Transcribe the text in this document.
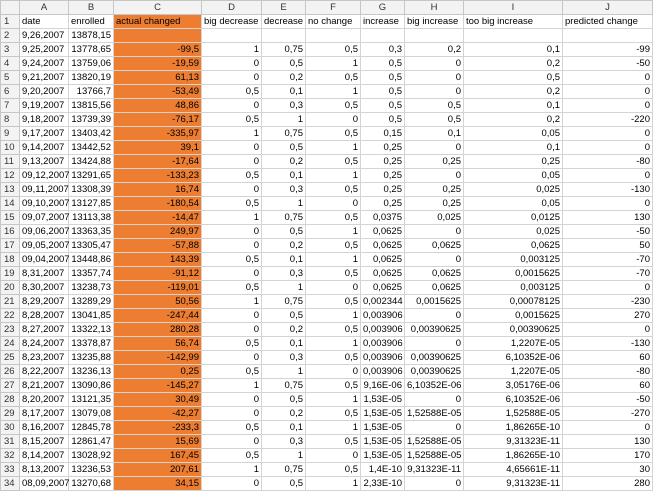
	A	B	C	D	E	F	G	H	I	J
1	date	enrolled	actual changed	big decrease	decrease	no change	increase	big increase	too big increase	predicted change
2	9,26,2007	13878,15								
3	9,25,2007	13778,65	-99,5	1	0,75	0,5	0,3	0,2	0,1	-99
4	9,24,2007	13759,06	-19,59	0	0,5	1	0,5	0	0,2	-50
5	9,21,2007	13820,19	61,13	0	0,2	0,5	0,5	0	0,5	0
6	9,20,2007	13766,7	-53,49	0,5	0,1	1	0,5	0	0,2	0
7	9,19,2007	13815,56	48,86	0	0,3	0,5	0,5	0,5	0,1	0
8	9,18,2007	13739,39	-76,17	0,5	1	0	0,5	0,5	0,2	-220
9	9,17,2007	13403,42	-335,97	1	0,75	0,5	0,15	0,1	0,05	0
10	9,14,2007	13442,52	39,1	0	0,5	1	0,25	0	0,1	0
11	9,13,2007	13424,88	-17,64	0	0,2	0,5	0,25	0,25	0,25	-80
12	09,12,2007	13291,65	-133,23	0,5	0,1	1	0,25	0	0,05	0
13	09,11,2007	13308,39	16,74	0	0,3	0,5	0,25	0,25	0,025	-130
14	09,10,2007	13127,85	-180,54	0,5	1	0	0,25	0,25	0,05	0
15	09,07,2007	13113,38	-14,47	1	0,75	0,5	0,0375	0,025	0,0125	130
16	09,06,2007	13363,35	249,97	0	0,5	1	0,0625	0	0,025	-50
17	09,05,2007	13305,47	-57,88	0	0,2	0,5	0,0625	0,0625	0,0625	50
18	09,04,2007	13448,86	143,39	0,5	0,1	1	0,0625	0	0,003125	-70
19	8,31,2007	13357,74	-91,12	0	0,3	0,5	0,0625	0,0625	0,0015625	-70
20	8,30,2007	13238,73	-119,01	0,5	1	0	0,0625	0,0625	0,003125	0
21	8,29,2007	13289,29	50,56	1	0,75	0,5	0,002344	0,0015625	0,00078125	-230
22	8,28,2007	13041,85	-247,44	0	0,5	1	0,003906	0	0,0015625	270
23	8,27,2007	13322,13	280,28	0	0,2	0,5	0,003906	0,00390625	0,00390625	0
24	8,24,2007	13378,87	56,74	0,5	0,1	1	0,003906	0	1,2207E-05	-130
25	8,23,2007	13235,88	-142,99	0	0,3	0,5	0,003906	0,00390625	6,10352E-06	60
26	8,22,2007	13236,13	0,25	0,5	1	0	0,003906	0,00390625	1,2207E-05	-80
27	8,21,2007	13090,86	-145,27	1	0,75	0,5	9,16E-06	6,10352E-06	3,05176E-06	60
28	8,20,2007	13121,35	30,49	0	0,5	1	1,53E-05	0	6,10352E-06	-50
29	8,17,2007	13079,08	-42,27	0	0,2	0,5	1,53E-05	1,52588E-05	1,52588E-05	-270
30	8,16,2007	12845,78	-233,3	0,5	0,1	1	1,53E-05	0	1,86265E-10	0
31	8,15,2007	12861,47	15,69	0	0,3	0,5	1,53E-05	1,52588E-05	9,31323E-11	130
32	8,14,2007	13028,92	167,45	0,5	1	0	1,53E-05	1,52588E-05	1,86265E-10	170
33	8,13,2007	13236,53	207,61	1	0,75	0,5	1,4E-10	9,31323E-11	4,65661E-11	30
34	08,09,2007	13270,68	34,15	0	0,5	1	2,33E-10	0	9,31323E-11	280
